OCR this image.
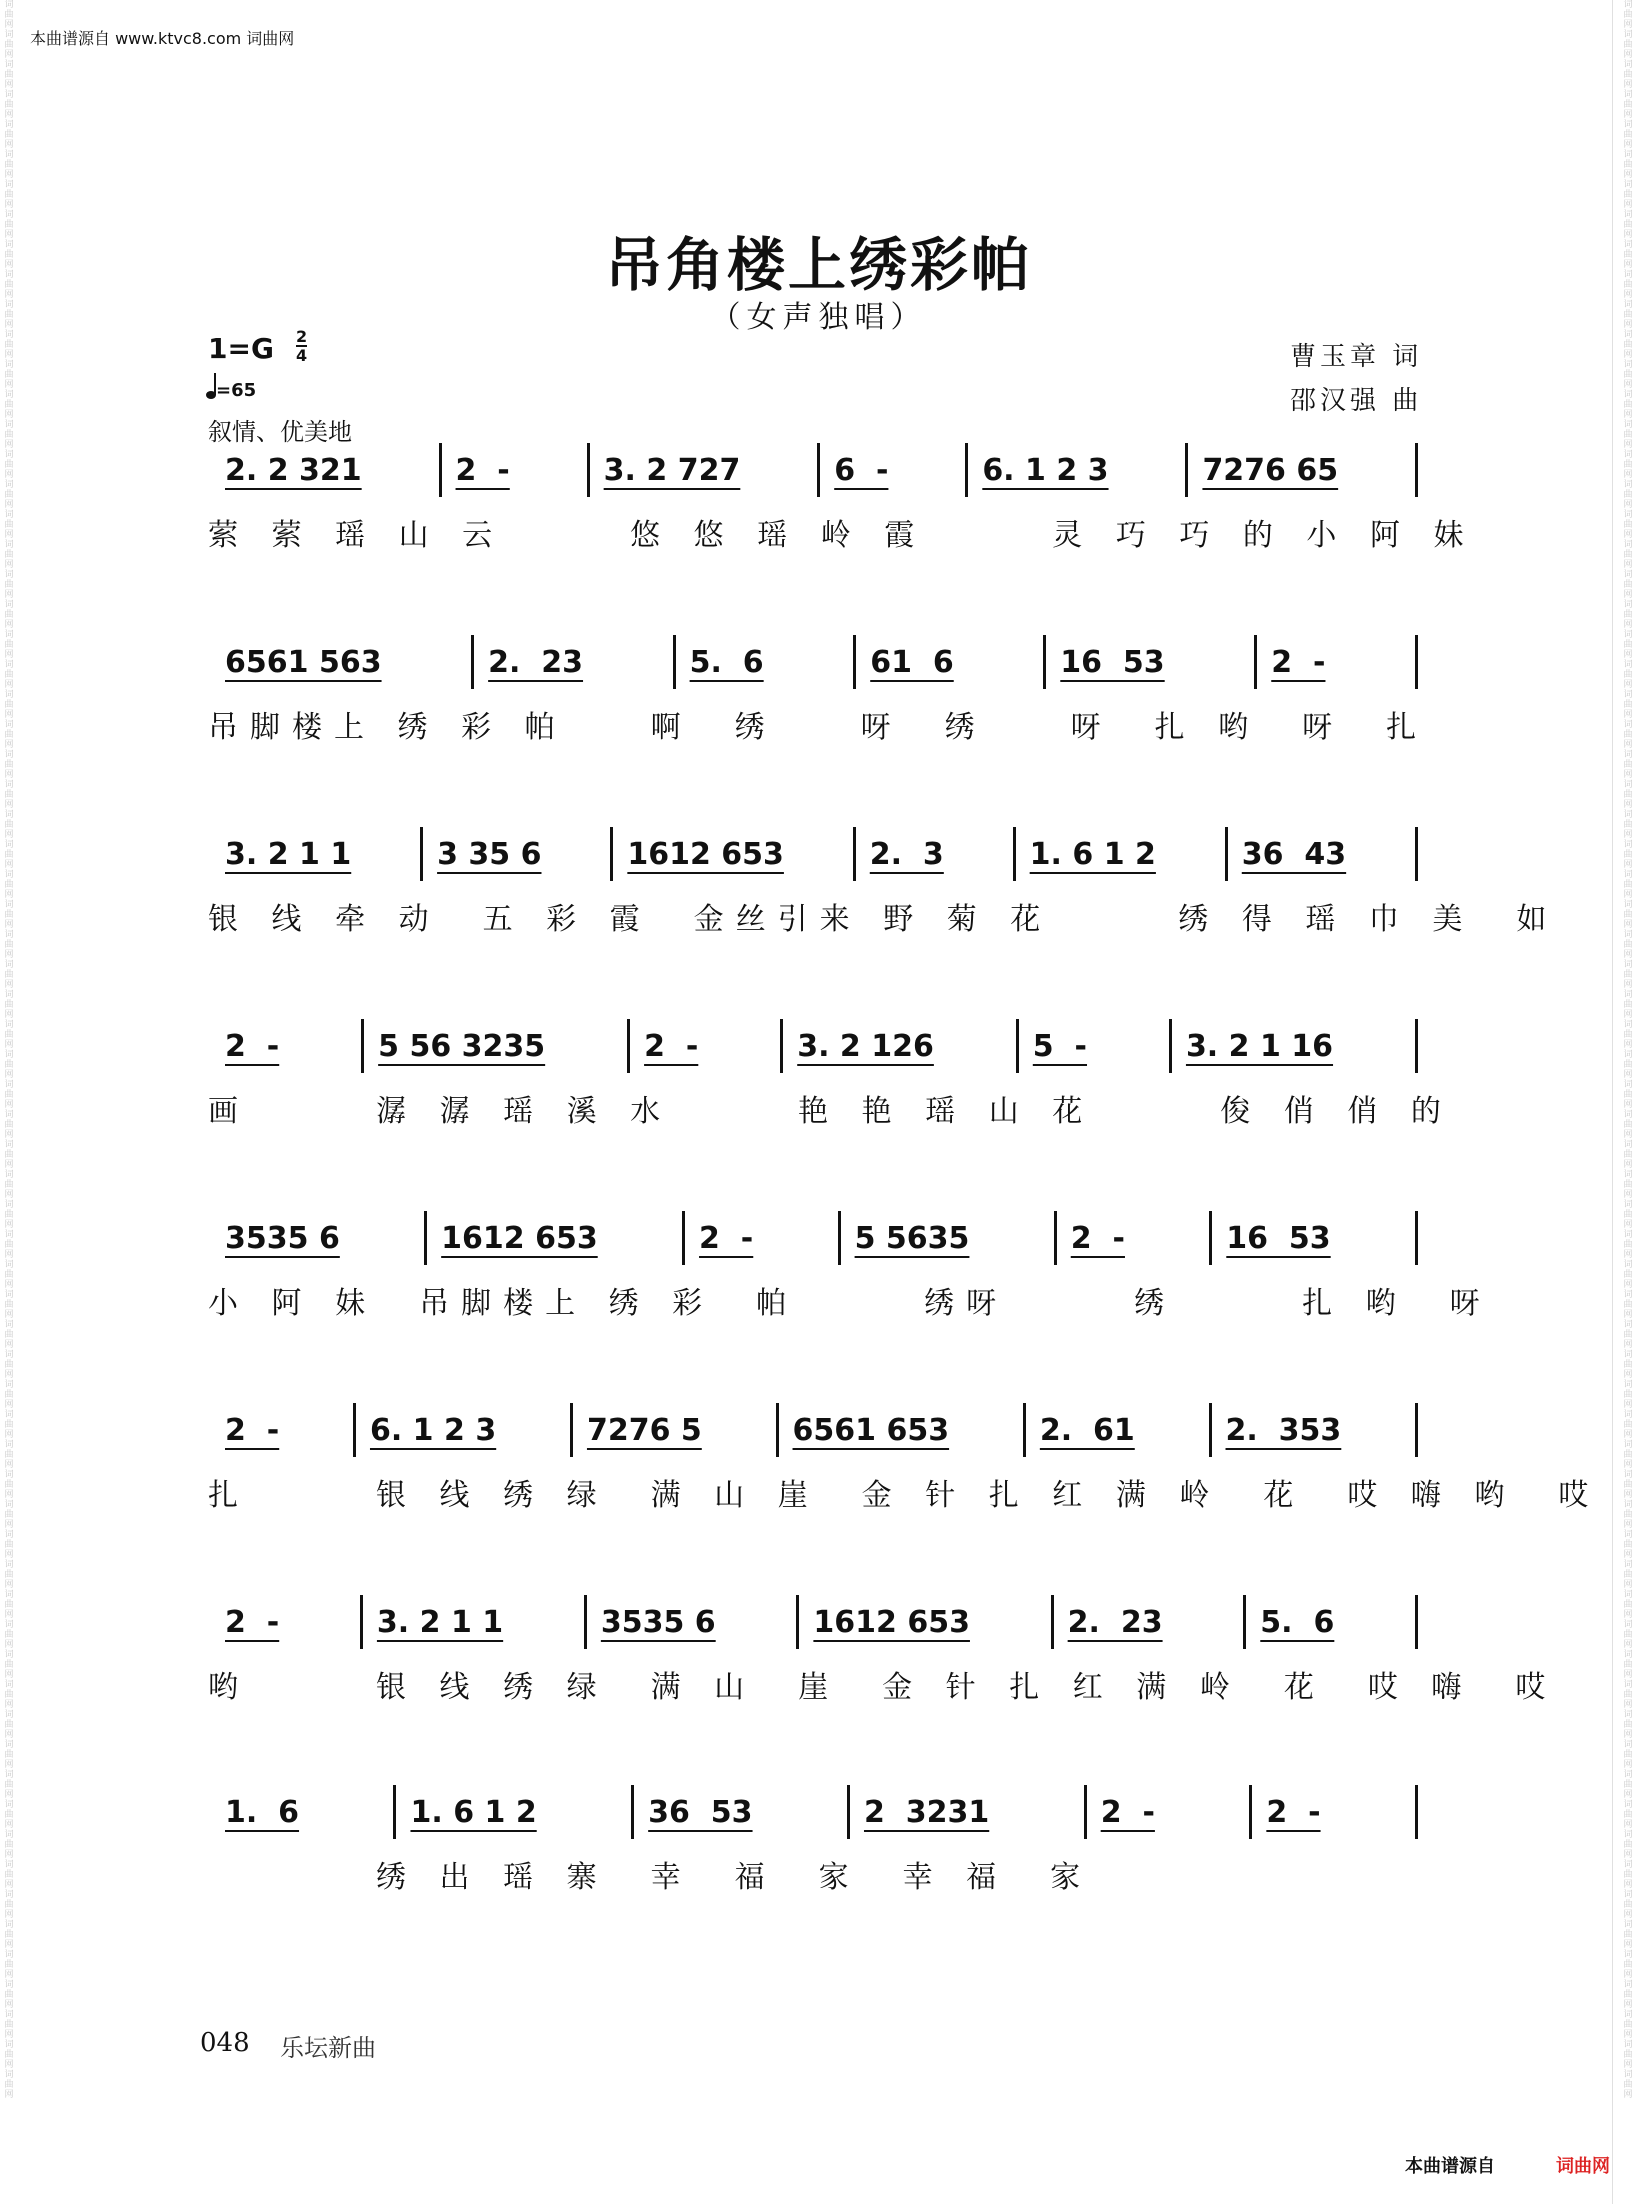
本曲谱源自 www.ktvc8.com 词曲网
词
曲
网
词
曲
网
词
曲
网
词
曲
网
词
曲
网
词
曲
网
词
曲
网
词
曲
网
词
曲
网
词
曲
网
词
曲
网
词
曲
网
词
曲
网
词
曲
网
词
曲
网
词
曲
网
词
曲
网
词
曲
网
词
曲
网
词
曲
网
词
曲
网
词
曲
网
词
曲
网
词
曲
网
词
曲
网
词
曲
网
词
曲
网
词
曲
网
词
曲
网
词
曲
网
词
曲
网
词
曲
网
词
曲
网
词
曲
网
词
曲
网
词
曲
网
词
曲
网
词
曲
网
词
曲
网
词
曲
网
词
曲
网
词
曲
网
词
曲
网
词
曲
网
词
曲
网
词
曲
网
词
曲
网
词
曲
网
词
曲
网
词
曲
网
词
曲
网
词
曲
网
词
曲
网
词
曲
网
词
曲
网
词
曲
网
词
曲
网
词
曲
网
词
曲
网
词
曲
网
词
曲
网
词
曲
网
词
曲
网
词
曲
网
词
曲
网
词
曲
网
词
曲
网
词
曲
网
词
曲
网
词
曲
网
词
曲
网
词
曲
网
词
曲
网
词
曲
网
词
曲
网
词
曲
网
词
曲
网
词
曲
网
词
曲
网
词
曲
网
词
曲
网
词
曲
网
词
曲
网
词
曲
网
词
曲
网
词
曲
网
词
曲
网
词
曲
网
词
曲
网
词
曲
网
词
曲
网
词
曲
网
词
曲
网
词
曲
网
词
曲
网
词
曲
网
词
曲
网
词
曲
网
词
曲
网
词
曲
网
词
曲
网
词
曲
网
词
曲
网
词
曲
网
词
曲
网
词
曲
网
词
曲
网
词
曲
网
词
曲
网
词
曲
网
词
曲
网
词
曲
网
词
曲
网
词
曲
网
词
曲
网
词
曲
网
词
曲
网
词
曲
网
词
曲
网
词
曲
网
词
曲
网
词
曲
网
词
曲
网
词
曲
网
词
曲
网
词
曲
网
词
曲
网
词
曲
网
词
曲
网
词
曲
网
词
曲
网
词
曲
网
词
曲
网
词
曲
网
词
曲
网
词
曲
网
词
曲
网
词
曲
网
词
曲
网
词
曲
网
吊角楼上绣彩帕
（女声独唱）
1=G 2
4
=65
叙情、优美地
曹玉章 词
邵汉强 曲
2. 2 321	2  -	3. 2 727	6  -	6. 1 2 3	7276 65
萦 萦 瑶 山 云　　　悠 悠 瑶 岭 霞　　　灵 巧 巧 的 小 阿 妹
6561 563	2.  23	5.  6	61  6	16  53	2  -
吊脚楼上 绣 彩 帕　　啊　绣　　呀　绣　　呀　扎 哟　呀　扎
3. 2 1 1	3 35 6	1612 653	2.  3	1. 6 1 2	36  43
银 线 牵 动　五 彩 霞　金丝引来 野 菊 花　　　绣 得 瑶 巾 美　如
2  -	5 56 3235	2  -	3. 2 126	5  -	3. 2 1 16
画　　　潺 潺 瑶 溪 水　　　艳 艳 瑶 山 花　　　俊 俏 俏 的
3535 6	1612 653	2  -	5 5635	2  -	16  53
小 阿 妹　吊脚楼上 绣 彩　帕　　　绣呀　　　绣　　　扎 哟　呀
2  -	6. 1 2 3	7276 5	6561 653	2.  61	2.  353
扎　　　银 线 绣 绿　满 山 崖　金 针 扎 红 满 岭　花　哎 嗨 哟　哎
2  -	3. 2 1 1	3535 6	1612 653	2.  23	5.  6
哟　　　银 线 绣 绿　满 山　崖　金 针 扎 红 满 岭　花　哎 嗨　哎
1.  6	1. 6 1 2	36  53	2  3231	2  -	2  -
　　　　绣 出 瑶 寨　幸　福　家　幸 福　家
048 乐坛新曲
本曲谱源自	词曲网
